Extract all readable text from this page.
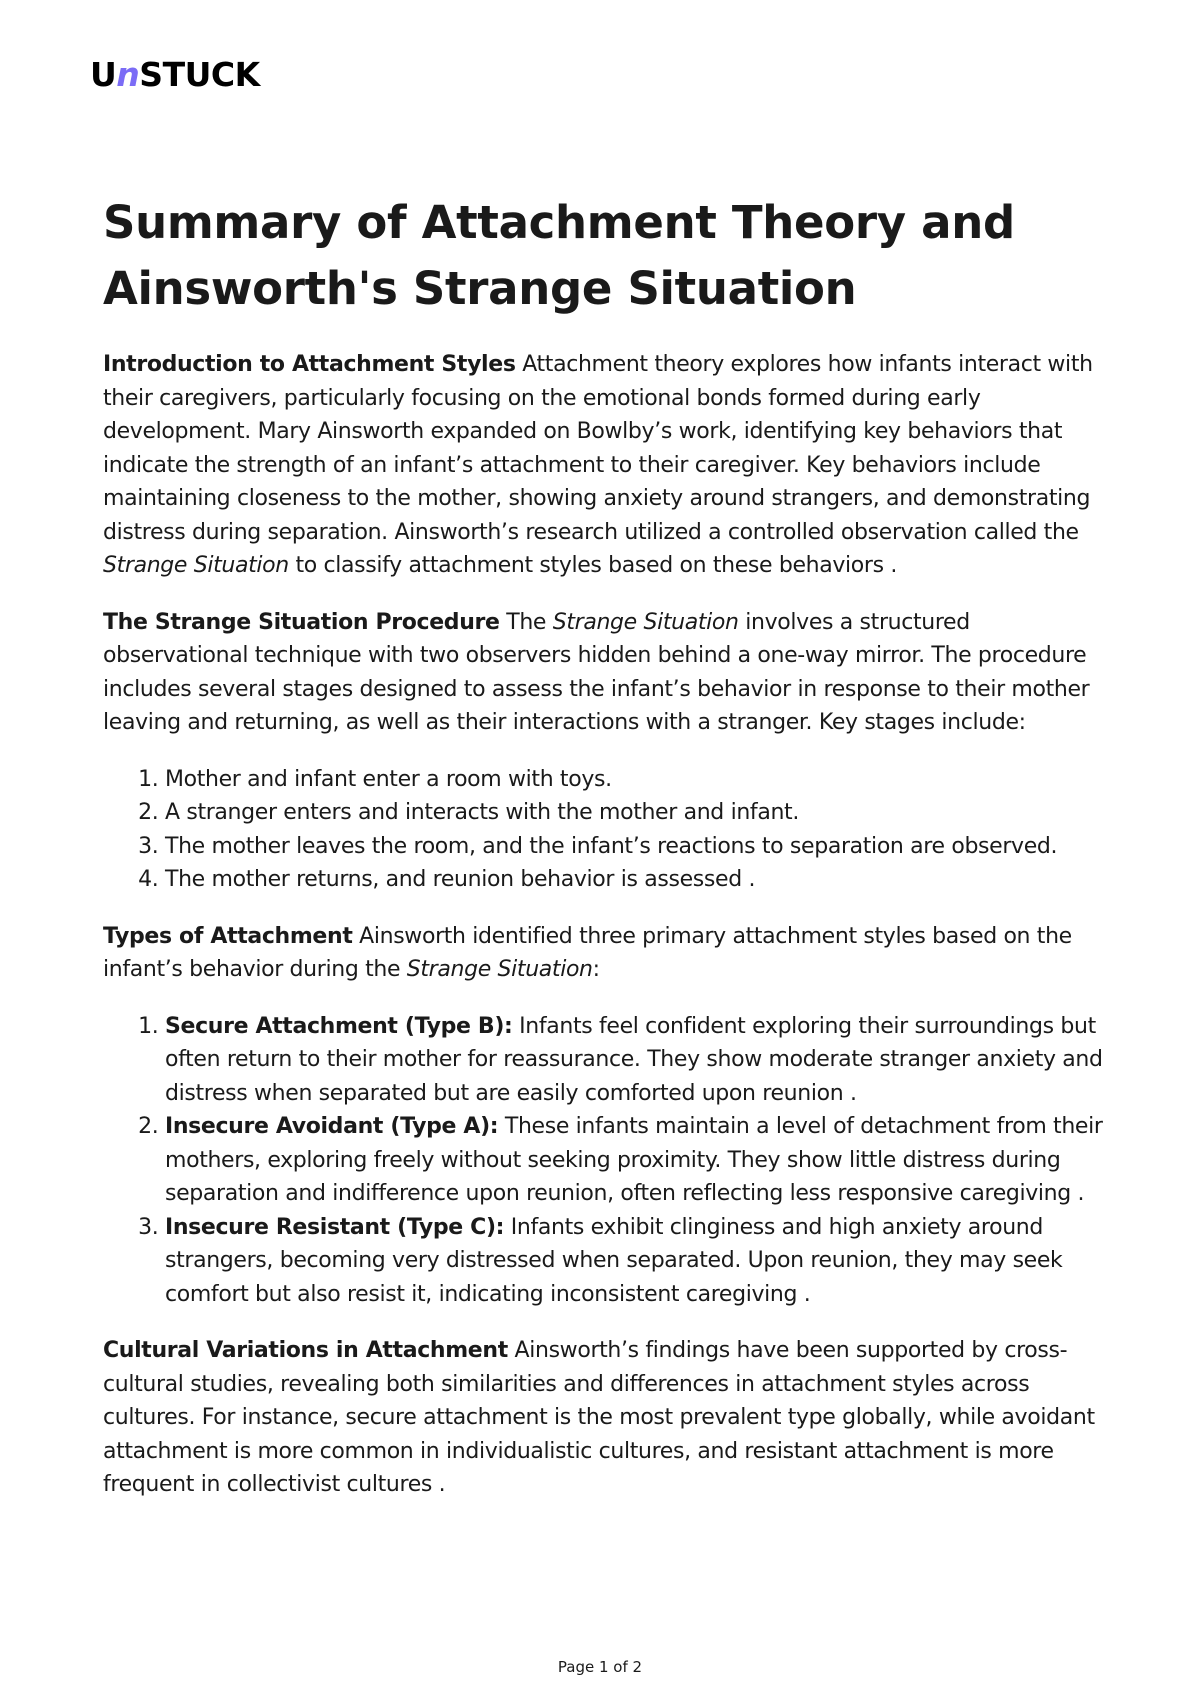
UnSTUCK
Summary of Attachment Theory and Ainsworth's Strange Situation

Introduction to Attachment Styles Attachment theory explores how infants interact with their caregivers, particularly focusing on the emotional bonds formed during early development. Mary Ainsworth expanded on Bowlby’s work, identifying key behaviors that indicate the strength of an infant’s attachment to their caregiver. Key behaviors include maintaining closeness to the mother, showing anxiety around strangers, and demonstrating distress during separation. Ainsworth’s research utilized a controlled observation called the Strange Situation to classify attachment styles based on these behaviors .

The Strange Situation Procedure The Strange Situation involves a structured observational technique with two observers hidden behind a one-way mirror. The procedure includes several stages designed to assess the infant’s behavior in response to their mother leaving and returning, as well as their interactions with a stranger. Key stages include:

1. Mother and infant enter a room with toys.
2. A stranger enters and interacts with the mother and infant.
3. The mother leaves the room, and the infant’s reactions to separation are observed.
4. The mother returns, and reunion behavior is assessed .

Types of Attachment Ainsworth identified three primary attachment styles based on the infant’s behavior during the Strange Situation:

1. Secure Attachment (Type B): Infants feel confident exploring their surroundings but often return to their mother for reassurance. They show moderate stranger anxiety and distress when separated but are easily comforted upon reunion .
2. Insecure Avoidant (Type A): These infants maintain a level of detachment from their mothers, exploring freely without seeking proximity. They show little distress during separation and indifference upon reunion, often reflecting less responsive caregiving .
3. Insecure Resistant (Type C): Infants exhibit clinginess and high anxiety around strangers, becoming very distressed when separated. Upon reunion, they may seek comfort but also resist it, indicating inconsistent caregiving .

Cultural Variations in Attachment Ainsworth’s findings have been supported by cross-cultural studies, revealing both similarities and differences in attachment styles across cultures. For instance, secure attachment is the most prevalent type globally, while avoidant attachment is more common in individualistic cultures, and resistant attachment is more frequent in collectivist cultures .

Page 1 of 2
